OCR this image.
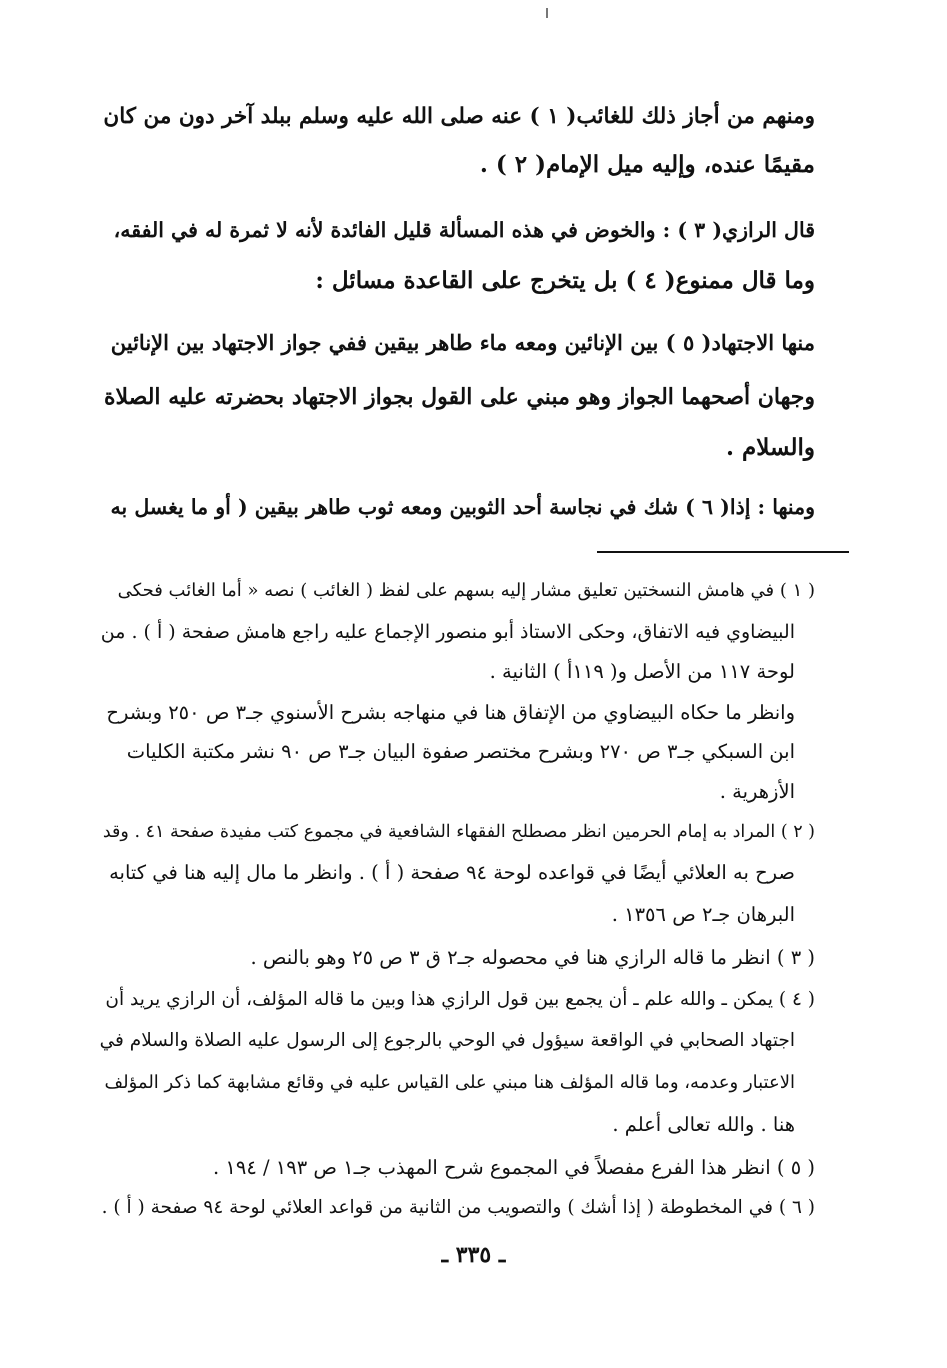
ومنهم من أجاز ذلك للغائب( ١ ) عنه صلى الله عليه وسلم ببلد آخر دون من كان
مقيمًا عنده، وإليه ميل الإمام( ٢ ) .
قال الرازي( ٣ ) : والخوض في هذه المسألة قليل الفائدة لأنه لا ثمرة له في الفقه،
وما قال ممنوع( ٤ ) بل يتخرج على القاعدة مسائل :
منها الاجتهاد( ٥ ) بين الإنائين ومعه ماء طاهر بيقين ففي جواز الاجتهاد بين الإنائين
وجهان أصحهما الجواز وهو مبني على القول بجواز الاجتهاد بحضرته عليه الصلاة
والسلام .
ومنها : إذا( ٦ ) شك في نجاسة أحد الثوبين ومعه ثوب طاهر بيقين ( أو ما يغسل به
( ١ ) في هامش النسختين تعليق مشار إليه بسهم على لفظ ( الغائب ) نصه « أما الغائب فحكى
البيضاوي فيه الاتفاق، وحكى الاستاذ أبو منصور الإجماع عليه راجع هامش صفحة ( أ ) . من
لوحة ١١٧ من الأصل و( ١١٩أ ) الثانية .
وانظر ما حكاه البيضاوي من الإتفاق هنا في منهاجه بشرح الأسنوي جـ٣ ص ٢٥٠ وبشرح
ابن السبكي جـ٣ ص ٢٧٠ وبشرح مختصر صفوة البيان جـ٣ ص ٩٠ نشر مكتبة الكليات
الأزهرية .
( ٢ ) المراد به إمام الحرمين انظر مصطلح الفقهاء الشافعية في مجموع كتب مفيدة صفحة ٤١ . وقد
صرح به العلائي أيضًا في قواعده لوحة ٩٤ صفحة ( أ ) . وانظر ما مال إليه هنا في كتابه
البرهان جـ٢ ص ١٣٥٦ .
( ٣ ) انظر ما قاله الرازي هنا في محصوله جـ٢ ق ٣ ص ٢٥ وهو بالنص .
( ٤ ) يمكن ـ والله علم ـ أن يجمع بين قول الرازي هذا وبين ما قاله المؤلف، أن الرازي يريد أن
اجتهاد الصحابي في الواقعة سيؤول في الوحي بالرجوع إلى الرسول عليه الصلاة والسلام في
الاعتبار وعدمه، وما قاله المؤلف هنا مبني على القياس عليه في وقائع مشابهة كما ذكر المؤلف
هنا . والله تعالى أعلم .
( ٥ ) انظر هذا الفرع مفصلاً في المجموع شرح المهذب جـ١ ص ١٩٣ / ١٩٤ .
( ٦ ) في المخطوطة ( إذا أشك ) والتصويب من الثانية من قواعد العلائي لوحة ٩٤ صفحة ( أ ) .
ـ ٣٣٥ ـ
